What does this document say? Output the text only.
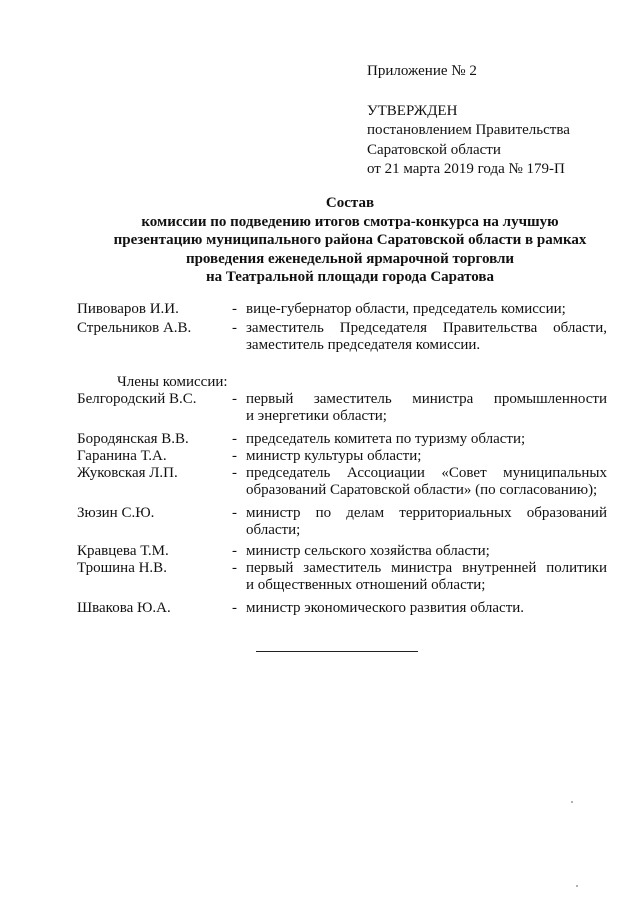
Приложение № 2
УТВЕРЖДЕН
постановлением Правительства
Саратовской области
от 21 марта 2019 года № 179-П
Состав
комиссии по подведению итогов смотра-конкурса на лучшую
презентацию муниципального района Саратовской области в рамках
проведения еженедельной ярмарочной торговли
на Театральной площади города Саратова
Пивоваров И.И.	- вице-губернатор области, председатель комиссии;
Стрельников А.В.	- заместитель Председателя Правительства области,
заместитель председателя комиссии.
Члены комиссии:
Белгородский В.С.	- первый заместитель министра промышленности
и энергетики области;
Бородянская В.В.	- председатель комитета по туризму области;
Гаранина Т.А.	- министр культуры области;
Жуковская Л.П.	- председатель Ассоциации «Совет муниципальных
образований Саратовской области» (по согласованию);
Зюзин С.Ю.	- министр по делам территориальных образований
области;
Кравцева Т.М.	- министр сельского хозяйства области;
Трошина Н.В.	- первый заместитель министра внутренней политики
и общественных отношений области;
Швакова Ю.А.	- министр экономического развития области.
